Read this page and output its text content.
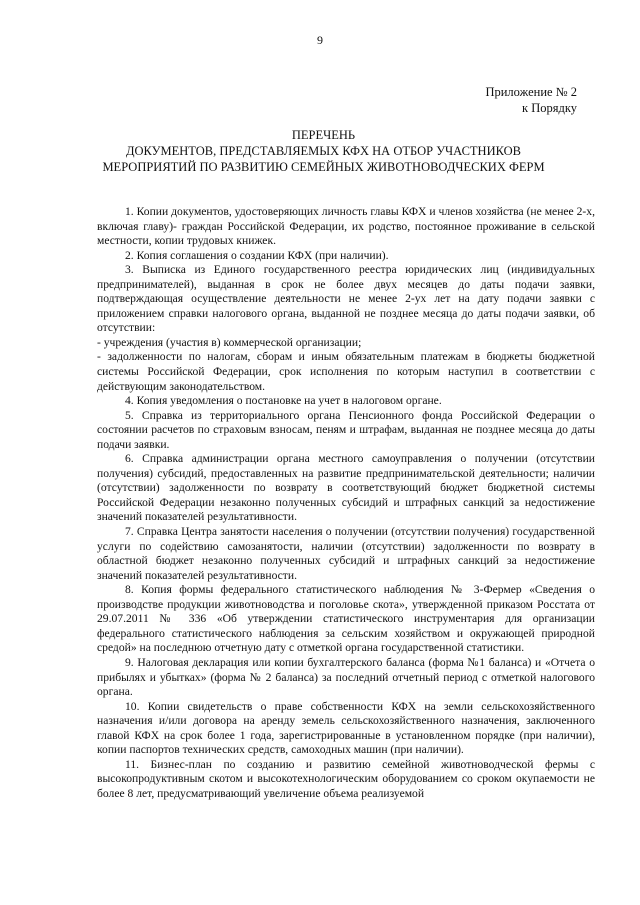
9
Приложение № 2
к Порядку
ПЕРЕЧЕНЬ
ДОКУМЕНТОВ, ПРЕДСТАВЛЯЕМЫХ КФХ НА ОТБОР УЧАСТНИКОВ
МЕРОПРИЯТИЙ ПО РАЗВИТИЮ СЕМЕЙНЫХ ЖИВОТНОВОДЧЕСКИХ ФЕРМ

1. Копии документов, удостоверяющих личность главы КФХ и членов хозяйства (не менее 2-х, включая главу)- граждан Российской Федерации, их родство, постоянное проживание в сельской местности, копии трудовых книжек.

2. Копия соглашения о создании КФХ (при наличии).

3. Выписка из Единого государственного реестра юридических лиц (индивидуальных предпринимателей), выданная в срок не более двух месяцев до даты подачи заявки, подтверждающая осуществление деятельности не менее 2-ух лет на дату подачи заявки с приложением справки налогового органа, выданной не позднее месяца до даты подачи заявки, об отсутствии:

- учреждения (участия в) коммерческой организации;

- задолженности по налогам, сборам и иным обязательным платежам в бюджеты бюджетной системы Российской Федерации, срок исполнения по которым наступил в соответствии с действующим законодательством.

4. Копия уведомления о постановке на учет в налоговом органе.

5. Справка из территориального органа Пенсионного фонда Российской Федерации о состоянии расчетов по страховым взносам, пеням и штрафам, выданная не позднее месяца до даты подачи заявки.

6. Справка администрации органа местного самоуправления о получении (отсутствии получения) субсидий, предоставленных на развитие предпринимательской деятельности; наличии (отсутствии) задолженности по возврату в соответствующий бюджет бюджетной системы Российской Федерации незаконно полученных субсидий и штрафных санкций за недостижение значений показателей результативности.

7. Справка Центра занятости населения о получении (отсутствии получения) государственной услуги по содействию самозанятости, наличии (отсутствии) задолженности по возврату в областной бюджет незаконно полученных субсидий и штрафных санкций за недостижение значений показателей результативности.

8. Копия формы федерального статистического наблюдения № 3-Фермер «Сведения о производстве продукции животноводства и поголовье скота», утвержденной приказом Росстата от 29.07.2011 № 336 «Об утверждении статистического инструментария для организации федерального статистического наблюдения за сельским хозяйством и окружающей природной средой» на последнюю отчетную дату с отметкой органа государственной статистики.

9. Налоговая декларация или копии бухгалтерского баланса (форма №1 баланса) и «Отчета о прибылях и убытках» (форма № 2 баланса) за последний отчетный период с отметкой налогового органа.

10. Копии свидетельств о праве собственности КФХ на земли сельскохозяйственного назначения и/или договора на аренду земель сельскохозяйственного назначения, заключенного главой КФХ на срок более 1 года, зарегистрированные в установленном порядке (при наличии), копии паспортов технических средств, самоходных машин (при наличии).

11. Бизнес-план по созданию и развитию семейной животноводческой фермы с высокопродуктивным скотом и высокотехнологическим оборудованием со сроком окупаемости не более 8 лет, предусматривающий увеличение объема реализуемой
